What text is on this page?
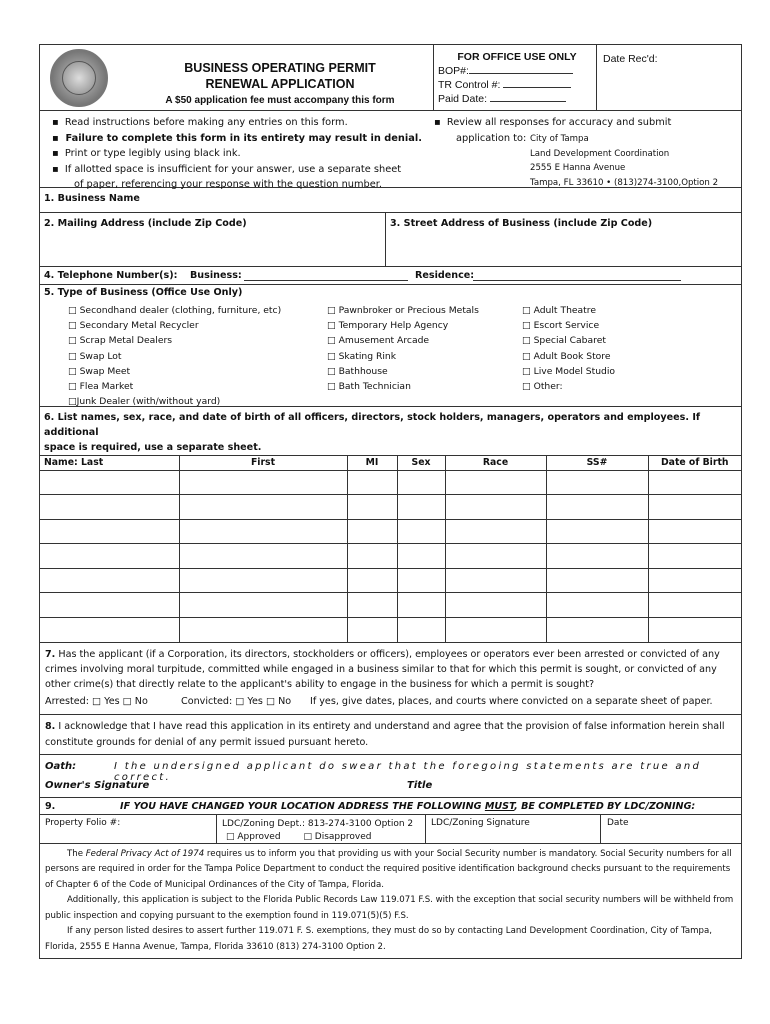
BUSINESS OPERATING PERMIT
RENEWAL APPLICATION
A $50 application fee must accompany this form
FOR OFFICE USE ONLY
BOP#:
TR Control #:
Paid Date:
Date Rec'd:
▪  Read instructions before making any entries on this form.
▪  Failure to complete this form in its entirety may result in denial.
▪  Print or type legibly using black ink.
▪  If allotted space is insufficient for your answer, use a separate sheet
of paper, referencing your response with the question number.
▪  Review all responses for accuracy and submit
application to: City of Tampa
Land Development Coordination
2555 E Hanna Avenue
Tampa, FL 33610 • (813)274-3100,Option 2
1. Business Name
2. Mailing Address (include Zip Code)	3. Street Address of Business (include Zip Code)
4. Telephone Number(s): Business:	Residence:
5. Type of Business (Office Use Only)
□ Secondhand dealer (clothing, furniture, etc)
□ Secondary Metal Recycler
□ Scrap Metal Dealers
□ Swap Lot
□ Swap Meet
□ Flea Market
□Junk Dealer (with/without yard)
□ Pawnbroker or Precious Metals
□ Temporary Help Agency
□ Amusement Arcade
□ Skating Rink
□ Bathhouse
□ Bath Technician
□ Adult Theatre
□ Escort Service
□ Special Cabaret
□ Adult Book Store
□ Live Model Studio
□ Other:
6. List names, sex, race, and date of birth of all officers, directors, stock holders, managers, operators and employees. If additional
space is required, use a separate sheet.
Name: Last	First	MI	Sex	Race	SS#	Date of Birth

7. Has the applicant (if a Corporation, its directors, stockholders or officers), employees or operators ever been arrested or convicted of any crimes involving moral turpitude, committed while engaged in a business similar to that for which this permit is sought, or convicted of any other crime(s) that directly relate to the applicant's ability to engage in the business for which a permit is sought?
Arrested: □ Yes □ No	Convicted: □ Yes □ No If yes, give dates, places, and courts where convicted on a separate sheet of paper.
8. I acknowledge that I have read this application in its entirety and understand and agree that the provision of false information herein shall constitute grounds for denial of any permit issued pursuant hereto.
Oath:	I the undersigned applicant do swear that the foregoing statements are true and correct.
Owner's Signature	Title
9.	IF YOU HAVE CHANGED YOUR LOCATION ADDRESS THE FOLLOWING MUST, BE COMPLETED BY LDC/ZONING:
Property Folio #:	LDC/Zoning Dept.: 813-274-3100 Option 2
□ Approved	□ Disapproved
LDC/Zoning Signature	Date
The Federal Privacy Act of 1974 requires us to inform you that providing us with your Social Security number is mandatory. Social Security numbers for all persons are required in order for the Tampa Police Department to conduct the required positive identification background checks pursuant to the requirements of Chapter 6 of the Code of Municipal Ordinances of the City of Tampa, Florida.
Additionally, this application is subject to the Florida Public Records Law 119.071 F.S. with the exception that social security numbers will be withheld from public inspection and copying pursuant to the exemption found in 119.071(5)(5) F.S.
If any person listed desires to assert further 119.071 F. S. exemptions, they must do so by contacting Land Development Coordination, City of Tampa, Florida, 2555 E Hanna Avenue, Tampa, Florida 33610 (813) 274-3100 Option 2.
